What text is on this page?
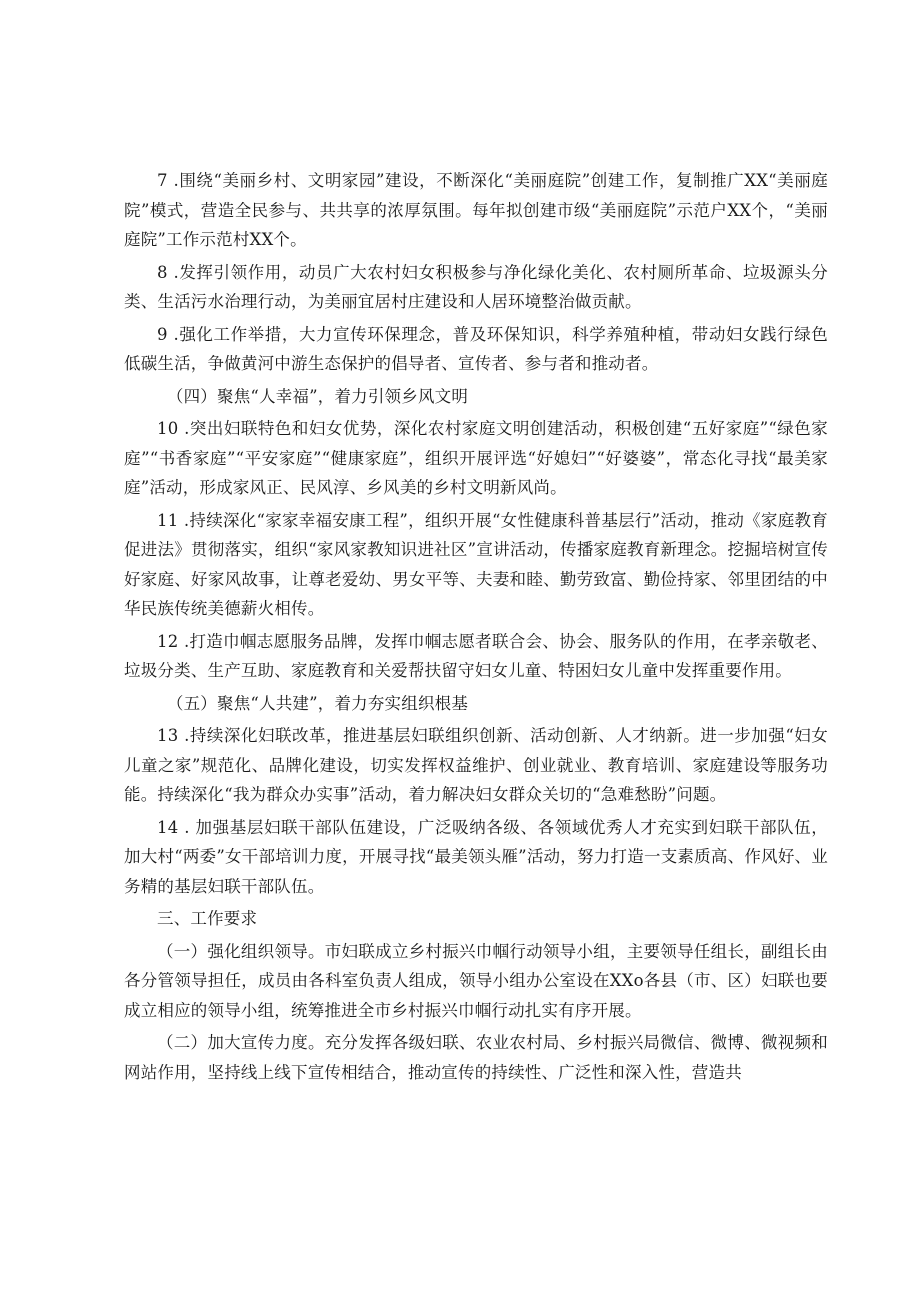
7 .围绕“美丽乡村、文明家园”建设，不断深化“美丽庭院”创建工作，复制推广XX“美丽庭院”模式，营造全民参与、共共享的浓厚氛围。每年拟创建市级“美丽庭院”示范户XX个，“美丽庭院”工作示范村XX个。

8 .发挥引领作用，动员广大农村妇女积极参与净化绿化美化、农村厕所革命、垃圾源头分类、生活污水治理行动，为美丽宜居村庄建设和人居环境整治做贡献。

9 .强化工作举措，大力宣传环保理念，普及环保知识，科学养殖种植，带动妇女践行绿色低碳生活，争做黄河中游生态保护的倡导者、宣传者、参与者和推动者。

（四）聚焦“人幸福”，着力引领乡风文明

10 .突出妇联特色和妇女优势，深化农村家庭文明创建活动，积极创建“五好家庭”“绿色家庭”“书香家庭”“平安家庭”“健康家庭”，组织开展评选“好媳妇”“好婆婆”，常态化寻找“最美家庭”活动，形成家风正、民风淳、乡风美的乡村文明新风尚。

11 .持续深化“家家幸福安康工程”，组织开展“女性健康科普基层行”活动，推动《家庭教育促进法》贯彻落实，组织“家风家教知识进社区”宣讲活动，传播家庭教育新理念。挖掘培树宣传好家庭、好家风故事，让尊老爱幼、男女平等、夫妻和睦、勤劳致富、勤俭持家、邻里团结的中华民族传统美德薪火相传。

12 .打造巾帼志愿服务品牌，发挥巾帼志愿者联合会、协会、服务队的作用，在孝亲敬老、垃圾分类、生产互助、家庭教育和关爱帮扶留守妇女儿童、特困妇女儿童中发挥重要作用。

（五）聚焦“人共建”，着力夯实组织根基

13 .持续深化妇联改革，推进基层妇联组织创新、活动创新、人才纳新。进一步加强“妇女儿童之家”规范化、品牌化建设，切实发挥权益维护、创业就业、教育培训、家庭建设等服务功能。持续深化“我为群众办实事”活动，着力解决妇女群众关切的“急难愁盼”问题。

14 . 加强基层妇联干部队伍建设，广泛吸纳各级、各领域优秀人才充实到妇联干部队伍，加大村“两委”女干部培训力度，开展寻找“最美领头雁”活动，努力打造一支素质高、作风好、业务精的基层妇联干部队伍。

三、工作要求

（一）强化组织领导。市妇联成立乡村振兴巾帼行动领导小组，主要领导任组长，副组长由各分管领导担任，成员由各科室负责人组成，领导小组办公室设在XXo各县（市、区）妇联也要成立相应的领导小组，统筹推进全市乡村振兴巾帼行动扎实有序开展。

（二）加大宣传力度。充分发挥各级妇联、农业农村局、乡村振兴局微信、微博、微视频和网站作用，坚持线上线下宣传相结合，推动宣传的持续性、广泛性和深入性，营造共
